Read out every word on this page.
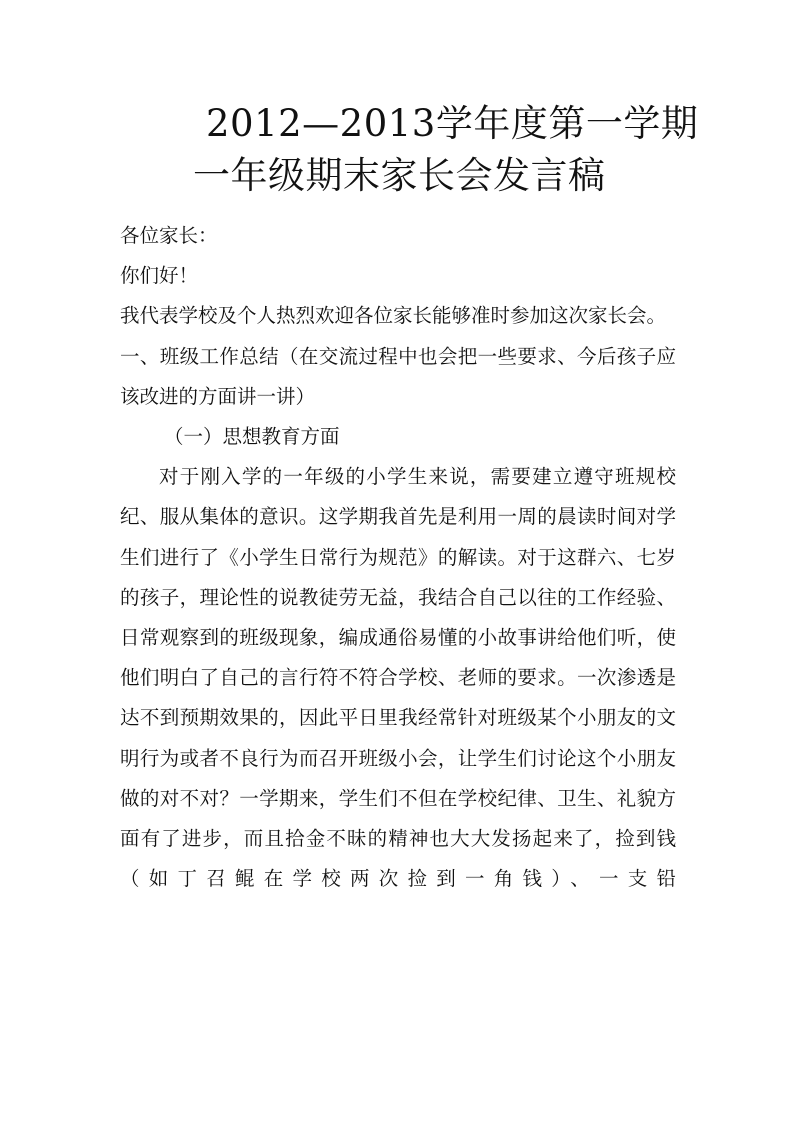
2012—2013学年度第一学期
一年级期末家长会发言稿

各位家长：

你们好！

我代表学校及个人热烈欢迎各位家长能够准时参加这次家长会。

一、班级工作总结（在交流过程中也会把一些要求、今后孩子应该改进的方面讲一讲）

（一）思想教育方面

对于刚入学的一年级的小学生来说，需要建立遵守班规校纪、服从集体的意识。这学期我首先是利用一周的晨读时间对学生们进行了《小学生日常行为规范》的解读。对于这群六、七岁的孩子，理论性的说教徒劳无益，我结合自己以往的工作经验、日常观察到的班级现象，编成通俗易懂的小故事讲给他们听，使他们明白了自己的言行符不符合学校、老师的要求。一次渗透是达不到预期效果的，因此平日里我经常针对班级某个小朋友的文明行为或者不良行为而召开班级小会，让学生们讨论这个小朋友做的对不对？一学期来，学生们不但在学校纪律、卫生、礼貌方面有了进步，而且拾金不昧的精神也大大发扬起来了，捡到钱（如丁召鲲在学校两次捡到一角钱）、一支铅
